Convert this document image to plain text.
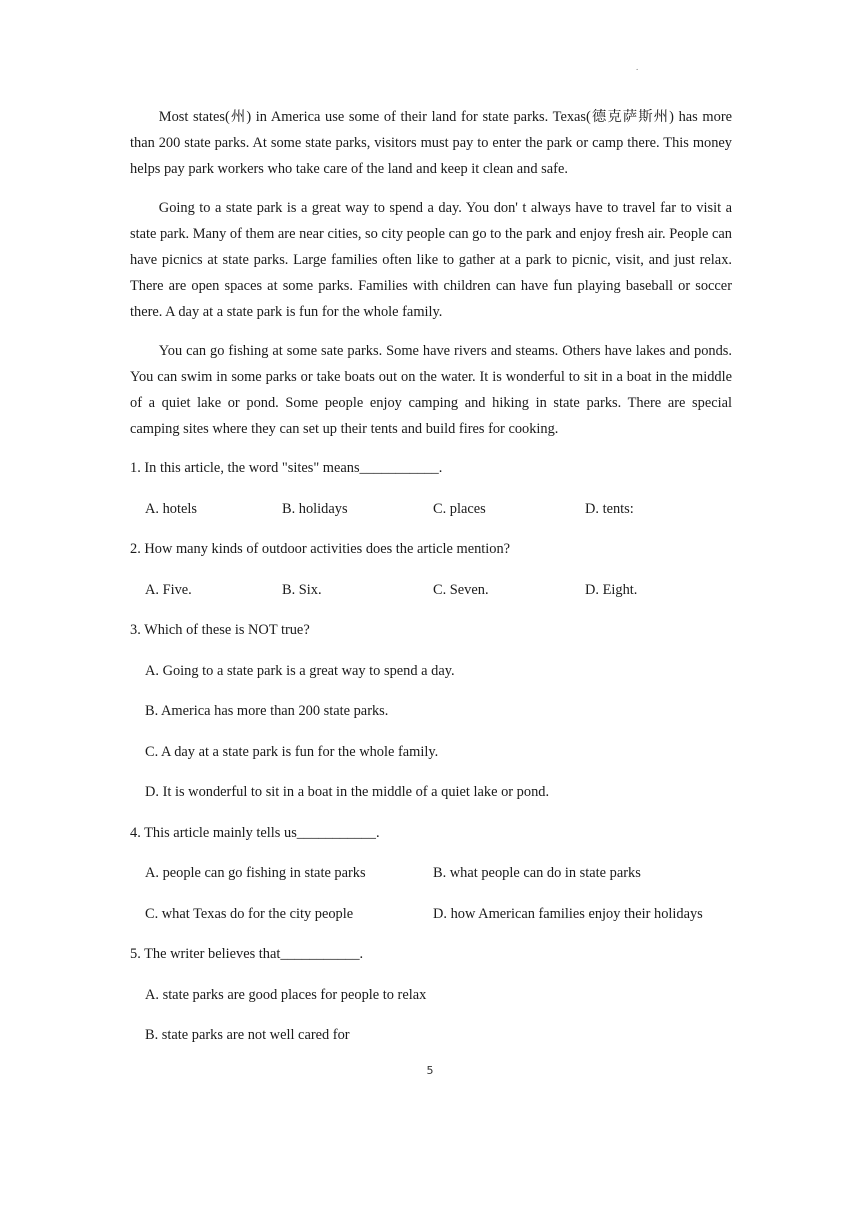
.

Most states(州) in America use some of their land for state parks. Texas(德克萨斯州) has more than 200 state parks. At some state parks, visitors must pay to enter the park or camp there. This money helps pay park workers who take care of the land and keep it clean and safe.

Going to a state park is a great way to spend a day. You don' t always have to travel far to visit a state park. Many of them are near cities, so city people can go to the park and enjoy fresh air. People can have picnics at state parks. Large families often like to gather at a park to picnic, visit, and just relax. There are open spaces at some parks. Families with children can have fun playing baseball or soccer there. A day at a state park is fun for the whole family.

You can go fishing at some sate parks. Some have rivers and steams. Others have lakes and ponds. You can swim in some parks or take boats out on the water. It is wonderful to sit in a boat in the middle of a quiet lake or pond. Some people enjoy camping and hiking in state parks. There are special camping sites where they can set up their tents and build fires for cooking.

1. In this article, the word "sites" means___________.
A. hotels	B. holidays	C. places	D. tents:
2. How many kinds of outdoor activities does the article mention?
A. Five.	B. Six.	C. Seven.	D. Eight.
3. Which of these is NOT true?
A. Going to a state park is a great way to spend a day.
B. America has more than 200 state parks.
C. A day at a state park is fun for the whole family.
D. It is wonderful to sit in a boat in the middle of a quiet lake or pond.
4. This article mainly tells us___________.
A. people can go fishing in state parks	B. what people can do in state parks
C. what Texas do for the city people	D. how American families enjoy their holidays
5. The writer believes that___________.
A. state parks are good places for people to relax
B. state parks are not well cared for
5
